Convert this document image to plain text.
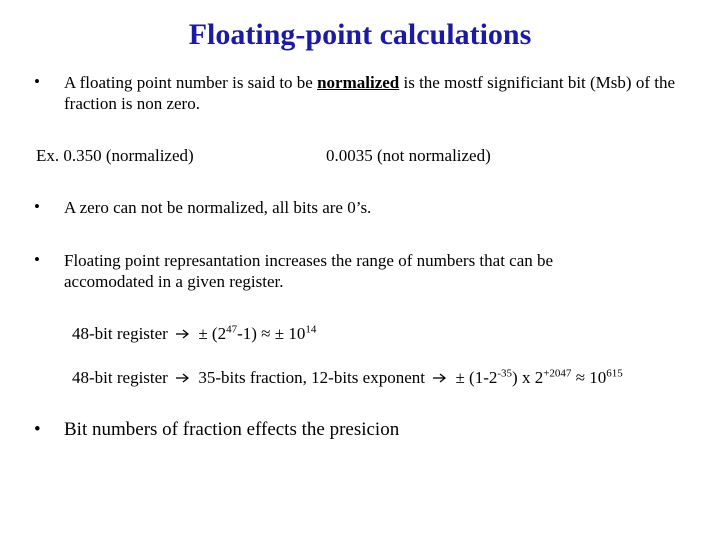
Floating-point calculations
• A floating point number is said to be normalized is the mostf significiant bit (Msb) of the fraction is non zero.
Ex. 0.350 (normalized)	0.0035 (not normalized)
• A zero can not be normalized, all bits are 0’s.
• Floating point represantation increases the range of numbers that can be accomodated in a given register.
48-bit register  ± $(2^{47}-1)$ ≈ ± $10^{14}$
48-bit register 35-bits fraction, 12-bits exponent  ± $(1-2^{-35})$ x $2^{+2047} \approx 10^{615}$
• Bit numbers of fraction effects the presicion
